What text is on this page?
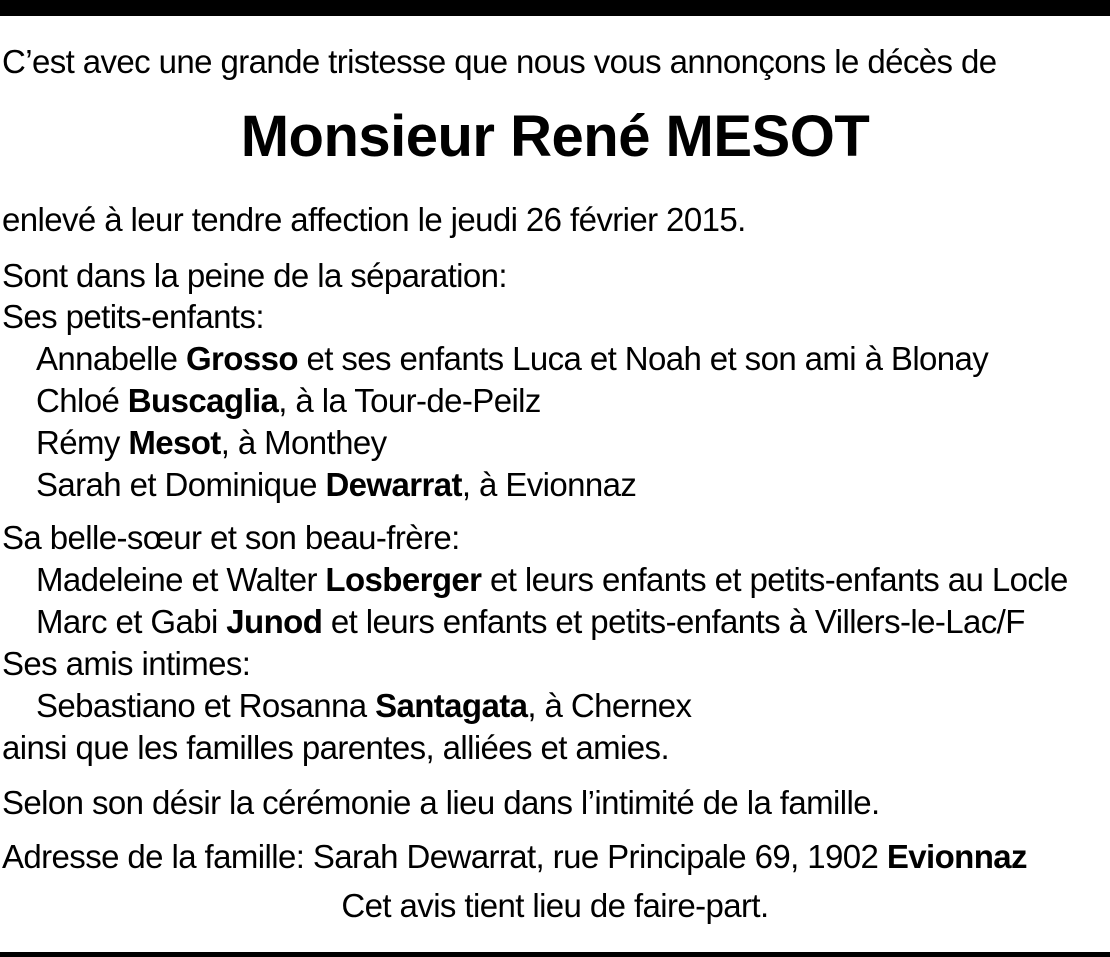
C’est avec une grande tristesse que nous vous annonçons le décès de
Monsieur René MESOT
enlevé à leur tendre affection le jeudi 26 février 2015.
Sont dans la peine de la séparation:
Ses petits-enfants:
Annabelle Grosso et ses enfants Luca et Noah et son ami à Blonay
Chloé Buscaglia, à la Tour-de-Peilz
Rémy Mesot, à Monthey
Sarah et Dominique Dewarrat, à Evionnaz
Sa belle-sœur et son beau-frère:
Madeleine et Walter Losberger et leurs enfants et petits-enfants au Locle
Marc et Gabi Junod et leurs enfants et petits-enfants à Villers-le-Lac/F
Ses amis intimes:
Sebastiano et Rosanna Santagata, à Chernex
ainsi que les familles parentes, alliées et amies.
Selon son désir la cérémonie a lieu dans l’intimité de la famille.
Adresse de la famille: Sarah Dewarrat, rue Principale 69, 1902 Evionnaz
Cet avis tient lieu de faire-part.
